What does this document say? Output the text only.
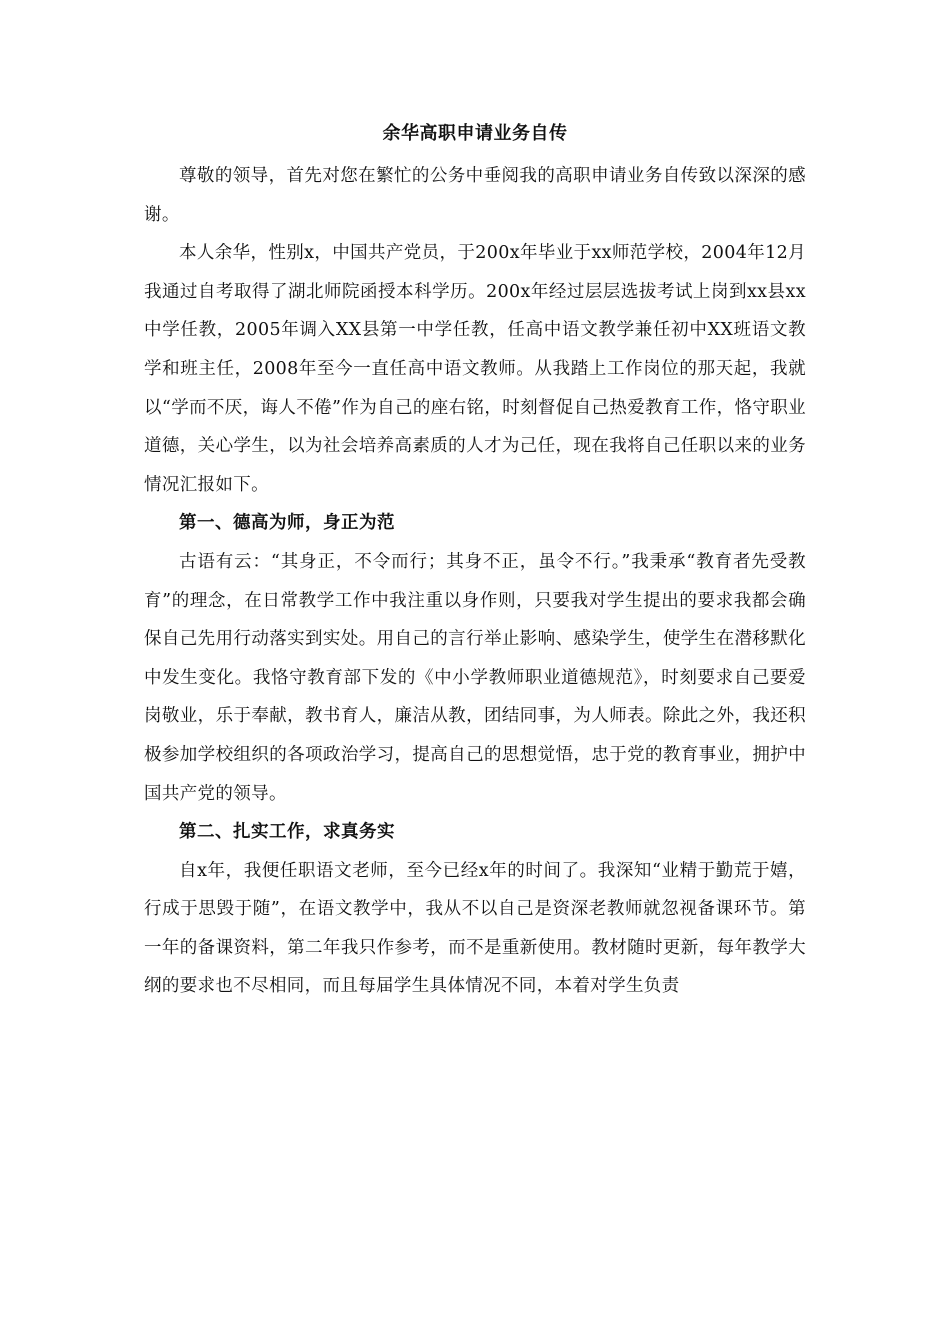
余华高职申请业务自传

尊敬的领导，首先对您在繁忙的公务中垂阅我的高职申请业务自传致以深深的感谢。

本人余华，性别x，中国共产党员，于200x年毕业于xx师范学校，2004年12月我通过自考取得了湖北师院函授本科学历。200x年经过层层选拔考试上岗到xx县xx中学任教，2005年调入XX县第一中学任教，任高中语文教学兼任初中XX班语文教学和班主任，2008年至今一直任高中语文教师。从我踏上工作岗位的那天起，我就以“学而不厌，诲人不倦”作为自己的座右铭，时刻督促自己热爱教育工作，恪守职业道德，关心学生，以为社会培养高素质的人才为己任，现在我将自己任职以来的业务情况汇报如下。

第一、德高为师，身正为范

古语有云：“其身正，不令而行；其身不正，虽令不行。”我秉承“教育者先受教育”的理念，在日常教学工作中我注重以身作则，只要我对学生提出的要求我都会确保自己先用行动落实到实处。用自己的言行举止影响、感染学生，使学生在潜移默化中发生变化。我恪守教育部下发的《中小学教师职业道德规范》，时刻要求自己要爱岗敬业，乐于奉献，教书育人，廉洁从教，团结同事，为人师表。除此之外，我还积极参加学校组织的各项政治学习，提高自己的思想觉悟，忠于党的教育事业，拥护中国共产党的领导。

第二、扎实工作，求真务实

自x年，我便任职语文老师，至今已经x年的时间了。我深知“业精于勤荒于嬉，行成于思毁于随”，在语文教学中，我从不以自己是资深老教师就忽视备课环节。第一年的备课资料，第二年我只作参考，而不是重新使用。教材随时更新，每年教学大纲的要求也不尽相同，而且每届学生具体情况不同，本着对学生负责
